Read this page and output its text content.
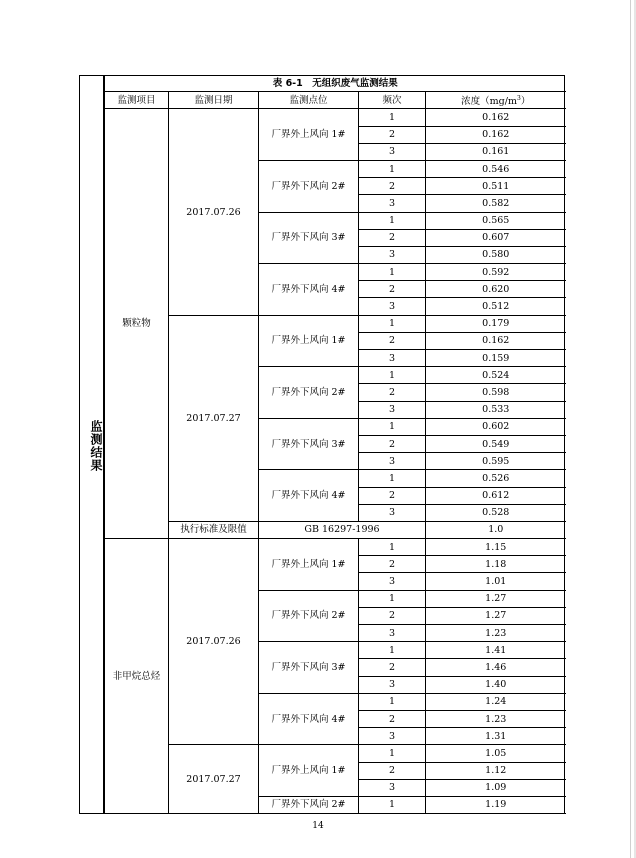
监测结果
表 6-1　无组织废气监测结果				
监测项目	监测日期	监测点位	频次	浓度$(mg/m^3)$
颗粒物	2017.07.26	厂界外上风向 1#	1	0.162
			2	0.162
			3	0.161
		厂界外下风向 2#	1	0.546
			2	0.511
			3	0.582
		厂界外下风向 3#	1	0.565
			2	0.607
			3	0.580
		厂界外下风向 4#	1	0.592
			2	0.620
			3	0.512
	2017.07.27	厂界外上风向 1#	1	0.179
			2	0.162
			3	0.159
		厂界外下风向 2#	1	0.524
			2	0.598
			3	0.533
		厂界外下风向 3#	1	0.602
			2	0.549
			3	0.595
		厂界外下风向 4#	1	0.526
			2	0.612
			3	0.528
	执行标准及限值	GB 16297-1996		1.0
非甲烷总烃	2017.07.26	厂界外上风向 1#	1	1.15
			2	1.18
			3	1.01
		厂界外下风向 2#	1	1.27
			2	1.27
			3	1.23
		厂界外下风向 3#	1	1.41
			2	1.46
			3	1.40
		厂界外下风向 4#	1	1.24
			2	1.23
			3	1.31
	2017.07.27	厂界外上风向 1#	1	1.05
			2	1.12
			3	1.09
		厂界外下风向 2#	1	1.19
14
